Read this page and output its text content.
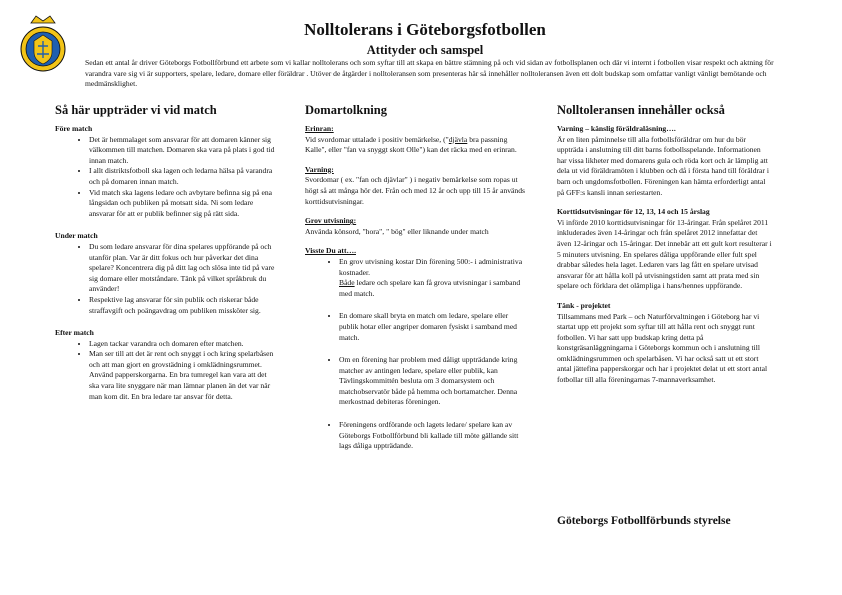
Nolltolerans i Göteborgsfotbollen
Attityder och samspel
Sedan ett antal år driver Göteborgs Fotbollförbund ett arbete som vi kallar nolltolerans och som syftar till att skapa en bättre stämning på och vid sidan av fotbollsplanen och där vi internt i fotbollen visar respekt och aktning för varandra vare sig vi är supporters, spelare, ledare, domare eller föräldrar . Utöver de åtgärder i nolltoleransen som presenteras här så innehåller nolltoleransen även ett dolt budskap som omfattar vanligt vänligt bemötande och medmänsklighet.
Så här uppträder vi vid match

Före match

• Det är hemmalaget som ansvarar för att domaren känner sig välkommen till matchen. Domaren ska vara på plats i god tid innan match.
• I allt distriktsfotboll ska lagen och ledarna hälsa på varandra och på domaren innan match.
• Vid match ska lagens ledare och avbytare befinna sig på ena långsidan och publiken på motsatt sida. Ni som ledare ansvarar för att er publik befinner sig på rätt sida.

Under match

• Du som ledare ansvarar för dina spelares uppförande på och utanför plan. Var är ditt fokus och hur påverkar det dina spelare? Koncentrera dig på ditt lag och slösa inte tid på vare sig domare eller motståndare. Tänk på vilket språkbruk du använder!
• Respektive lag ansvarar för sin publik och riskerar både straffavgift och poängavdrag om publiken missköter sig.

Efter match

• Lagen tackar varandra och domaren efter matchen.
• Man ser till att det är rent och snyggt i och kring spelarbåsen och att man gjort en grovstädning i omklädningsrummet. Använd papperskorgarna. En bra tumregel kan vara att det ska vara lite snyggare när man lämnar planen än det var när man kom dit. En bra ledare tar ansvar för detta.
Domartolkning

Erinran:

Vid svordomar uttalade i positiv bemärkelse, ("djävla bra passning Kalle", eller "fan va snyggt skott Olle") kan det räcka med en erinran.

Varning:

Svordomar ( ex. "fan och djävlar" ) i negativ bemärkelse som ropas ut högt så att många hör det. Från och med 12 år och upp till 15 år används korttidsutvisningar.

Grov utvisning:

Använda könsord, "hora", " bög" eller liknande under match

Visste Du att….

• En grov utvisning kostar Din förening 500:- i administrativa kostnader.
Både ledare och spelare kan få grova utvisningar i samband med match.
• En domare skall bryta en match om ledare, spelare eller publik hotar eller angriper domaren fysiskt i samband med match.
• Om en förening har problem med dåligt uppträdande kring matcher av antingen ledare, spelare eller publik, kan Tävlingskommittén besluta om 3 domarsystem och matchobservatör både på hemma och bortamatcher. Denna merkostnad debiteras föreningen.
• Föreningens ordförande och lagets ledare/ spelare kan av Göteborgs Fotbollförbund bli kallade till möte gällande sitt lags dåliga uppträdande.
Nolltoleransen innehåller också

Varning – känslig föräldraläsning….

Är en liten påminnelse till alla fotbollsföräldrar om hur du bör uppträda i anslutning till ditt barns fotbollsspelande. Informationen har vissa likheter med domarens gula och röda kort och är lämplig att dela ut vid föräldramöten i klubben och då i första hand till föräldrar i barn och ungdomsfotbollen. Föreningen kan hämta erforderligt antal på GFF:s kansli innan seriestarten.

Korttidsutvisningar för 12, 13, 14 och 15 årslag

Vi införde 2010 korttidsutvisningar för 13-åringar. Från spelåret 2011 inkluderades även 14-åringar och från spelåret 2012 innefattar det även 12-åringar och 15-åringar. Det innebär att ett gult kort resulterar i 5 minuters utvisning. En spelares dåliga uppförande eller fult spel drabbar således hela laget. Ledaren vars lag fått en spelare utvisad ansvarar för att hålla koll på utvisningstiden samt att prata med sin spelare och förklara det olämpliga i hans/hennes uppförande.

Tänk - projektet

Tillsammans med Park – och Naturförvaltningen i Göteborg har vi startat upp ett projekt som syftar till att hålla rent och snyggt runt fotbollen. Vi har satt upp budskap kring detta på konstgräsanläggningarna i Göteborgs kommun och i anslutning till omklädningsrummen och spelarbåsen. Vi har också satt ut ett stort antal jättefina papperskorgar och har i projektet delat ut ett stort antal fotbollar till alla föreningarnas 7-mannaverksamhet.

Göteborgs Fotbollförbunds styrelse
